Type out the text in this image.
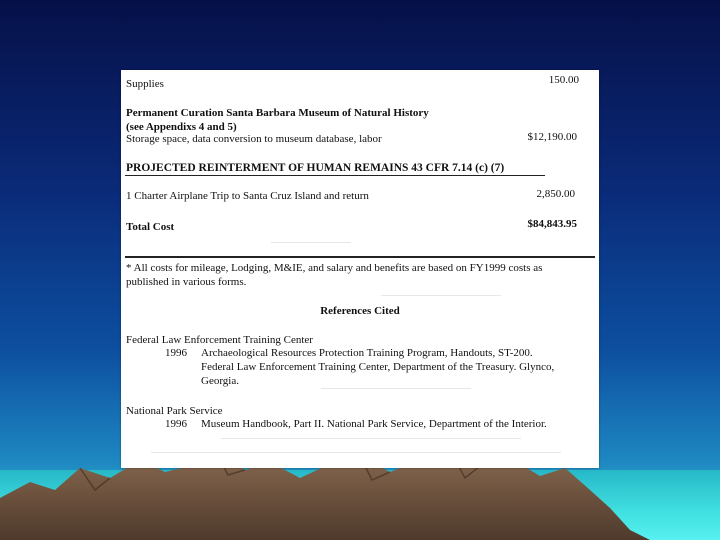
Supplies	150.00
Permanent Curation Santa Barbara Museum of Natural History
(see Appendixs 4 and 5)
Storage space, data conversion to museum database, labor	$12,190.00
PROJECTED REINTERMENT OF HUMAN REMAINS 43 CFR 7.14 (c) (7)
1 Charter Airplane Trip to Santa Cruz Island and return	2,850.00
Total Cost	$84,843.95
* All costs for mileage, Lodging, M&IE, and salary and benefits are based on FY1999 costs as
published in various forms.
References Cited
Federal Law Enforcement Training Center
1996 Archaeological Resources Protection Training Program, Handouts, ST-200.
Federal Law Enforcement Training Center, Department of the Treasury. Glynco,
Georgia.
National Park Service
1996 Museum Handbook, Part II. National Park Service, Department of the Interior.
